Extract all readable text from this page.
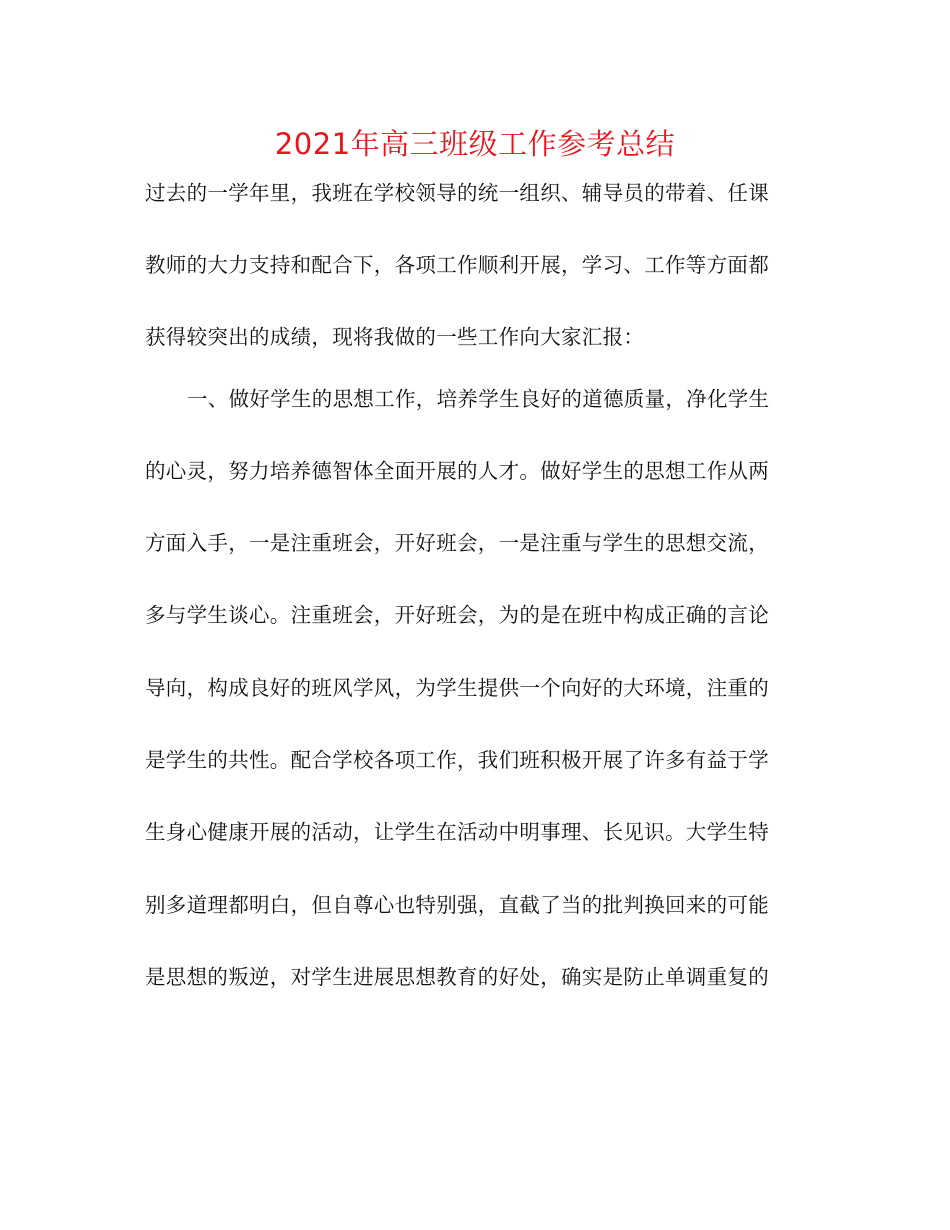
2021年高三班级工作参考总结
过去的一学年里，我班在学校领导的统一组织、辅导员的带着、任课
教师的大力支持和配合下，各项工作顺利开展，学习、工作等方面都
获得较突出的成绩，现将我做的一些工作向大家汇报：
一、做好学生的思想工作，培养学生良好的道德质量，净化学生
的心灵，努力培养德智体全面开展的人才。做好学生的思想工作从两
方面入手，一是注重班会，开好班会，一是注重与学生的思想交流，
多与学生谈心。注重班会，开好班会，为的是在班中构成正确的言论
导向，构成良好的班风学风，为学生提供一个向好的大环境，注重的
是学生的共性。配合学校各项工作，我们班积极开展了许多有益于学
生身心健康开展的活动，让学生在活动中明事理、长见识。大学生特
别多道理都明白，但自尊心也特别强，直截了当的批判换回来的可能
是思想的叛逆，对学生进展思想教育的好处，确实是防止单调重复的
